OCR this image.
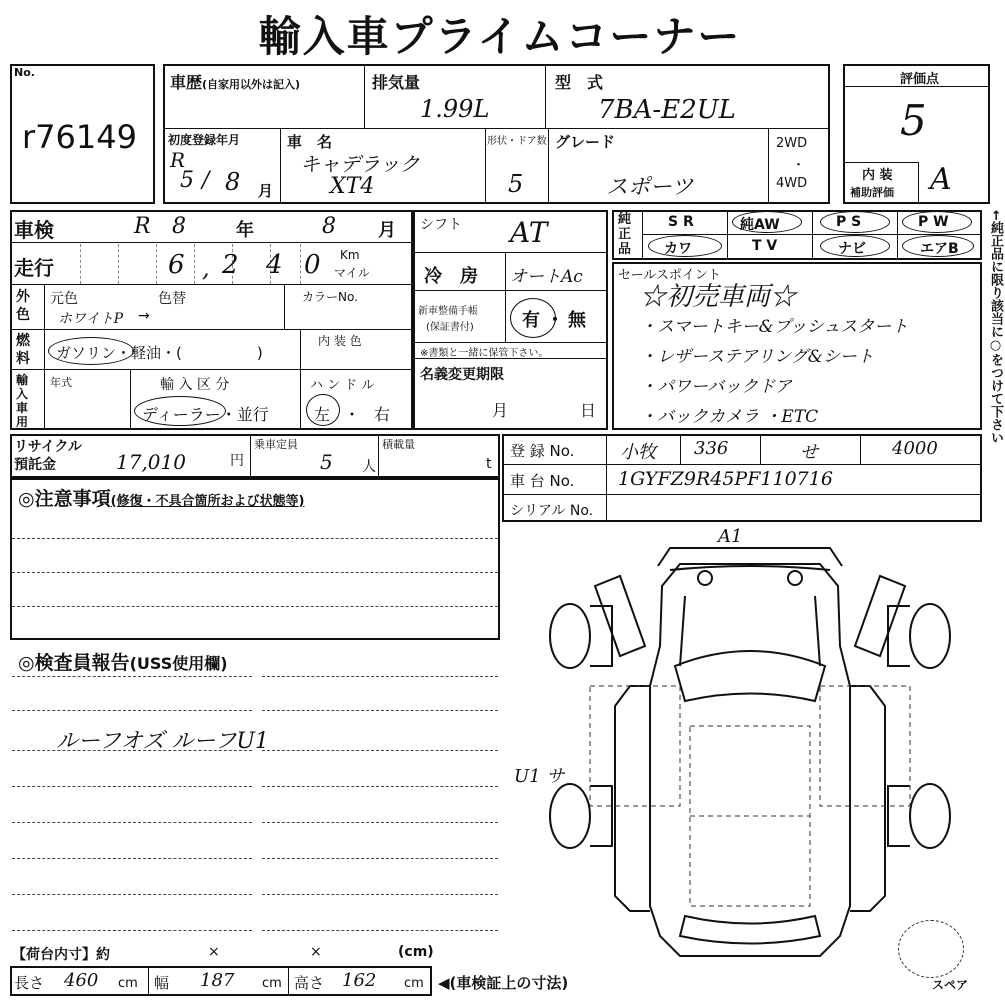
輸入車プライムコーナー
No.
r76149
車歴(自家用以外は記入)	排気量
1.99L
型　式
7BA-E2UL
初度登録年月
R
5 / 8 月
車　名
キャデラック
XT4
形状・ドア数
5
グレード
スポーツ
2WD
・
4WD
評価点
5
内 装
補助評価 A
車検	R 8	年	8 月
走行	6 , 2 4 0 Km
マイル
外色
元色	色替	カラーNo.
ホワイトP →
燃料	ガソリン・軽油・(　　　　　)
内 装 色
輸入車用
年式	輸 入 区 分
ディーラー・並行
ハ ン ド ル
左・右
シフト AT
冷　房 オートAc
新車整備手帳
(保証書付)	有 ・ 無
※書類と一緒に保管下さい。
名義変更期限
月	日
純正品
S R	純AW	P S	P W
カワ	T V	ナビ	エアB ←純正品に限り該当に○をつけて下さい
セールスポイント
☆初売車両☆
・スマートキー&プッシュスタート
・レザーステアリング&シート
・パワーバックドア
・バックカメラ ・ETC
リサイクル
預託金	17,010	円
乗車定員
5 人
積載量
t
登 録 No.	小牧 336	せ	4000
車 台 No. 1GYFZ9R45PF110716
シリアル No.
◎注意事項(修復・不具合箇所および状態等)
◎検査員報告(USS使用欄)
ルーフオズ ルーフU1
A1
U1 サ
スペア
【荷台内寸】約	×	×	(cm)
長さ 460 cm 幅 187 cm 高さ 162 cm ◀(車検証上の寸法)
